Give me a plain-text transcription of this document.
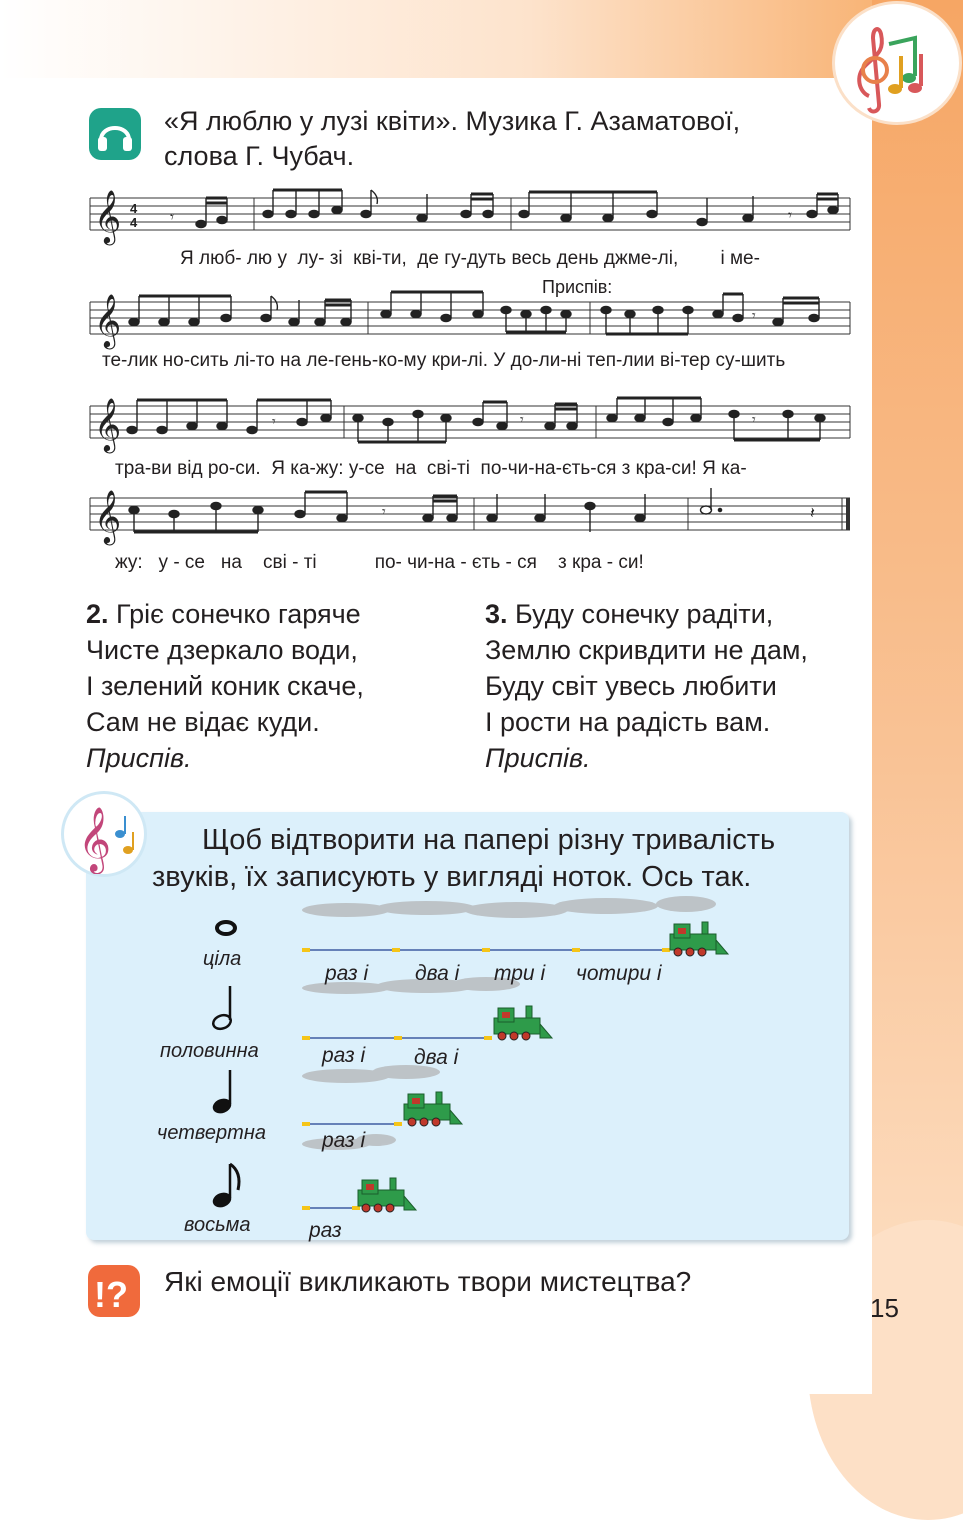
«Я люблю у лузі квіти». Музика Г. Азаматової,
слова Г. Чубач.
𝄞 4
4 𝄾	𝄾
Я люб- лю у  лу- зі  кві-ти,  де гу-дуть весь день джме-лі,        і ме-
Приспів:
𝄞	𝄾
те-лик но-сить лі-то на ле-гень-ко-му кри-лі. У до-ли-ні теп-лии ві-тер су-шить
𝄞	𝄾	𝄾	𝄾
тра-ви від ро-си.  Я ка-жу: у-се  на  сві-ті  по-чи-на-єть-ся з кра-си! Я ка-
𝄞	𝄾	𝄽
жу:   у - се   на    сві - ті           по- чи-на - єть - ся    з кра - си!
2. Гріє сонечко гаряче
Чисте дзеркало води,
І зелений коник скаче,
Сам не відає куди.
Приспів.
3. Буду сонечку радіти,
Землю скривдити не дам,
Буду світ увесь любити
І рости на радість вам.
Приспів.
𝄞	Щоб відтворити на папері різну тривалість
звуків, їх записують у вигляді ноток. Ось так.
ціла
половинна
четвертна
восьма
раз і два і три і чотири і
раз і два і
раз і
раз
!? Які емоції викликають твори мистецтва?
15
